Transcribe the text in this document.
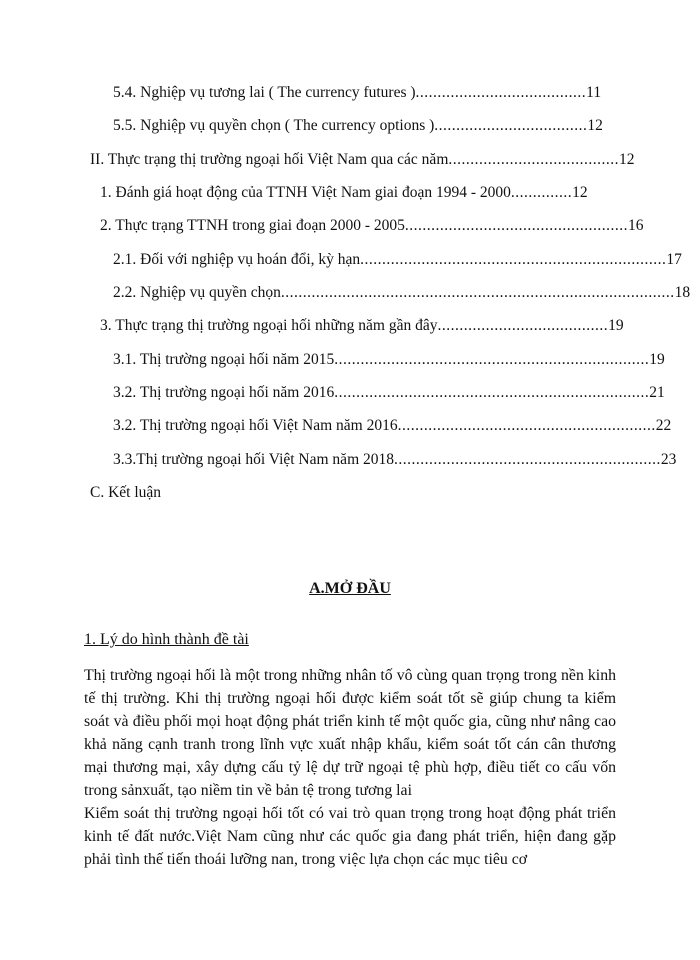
5.4. Nghiệp vụ tương lai ( The currency futures ).......................................11
5.5. Nghiệp vụ quyền chọn ( The currency options )...................................12
II. Thực trạng thị trường ngoại hối Việt Nam qua các năm.......................................12
1. Đánh giá hoạt động của TTNH Việt Nam giai đoạn 1994 - 2000..............12
2. Thực trạng TTNH trong giai đoạn 2000 - 2005...................................................16
2.1. Đối với nghiệp vụ hoán đổi, kỳ hạn......................................................................17
2.2. Nghiệp vụ quyền chọn..........................................................................................18
3. Thực trạng thị trường ngoại hối những năm gần đây.......................................19
3.1. Thị trường ngoại hối năm 2015........................................................................19
3.2. Thị trường ngoại hối năm 2016........................................................................21
3.2. Thị trường ngoại hối Việt Nam năm 2016...........................................................22
3.3.Thị trường ngoại hối Việt Nam năm 2018.............................................................23
C. Kết luận
A.MỞ ĐẦU
1. Lý do hình thành đề tài
Thị trường ngoại hối là một trong những nhân tố vô cùng quan trọng trong nền kinh tế thị trường. Khi thị trường ngoại hối được kiểm soát tốt sẽ giúp chung ta kiểm soát và điều phối mọi hoạt động phát triển kinh tế một quốc gia, cũng như nâng cao khả năng cạnh tranh trong lĩnh vực xuất nhập khẩu, kiểm soát tốt cán cân thương mại thương mại, xây dựng cấu tỷ lệ dự trữ ngoại tệ phù hợp, điều tiết co cấu vốn trong sảnxuất, tạo niềm tin về bản tệ trong tương lai
Kiểm soát thị trường ngoại hối tốt có vai trò quan trọng trong hoạt động phát triển kinh tế đất nước.Việt Nam cũng như các quốc gia đang phát triển, hiện đang gặp phải tình thế tiến thoái lưỡng nan, trong việc lựa chọn các mục tiêu cơ
